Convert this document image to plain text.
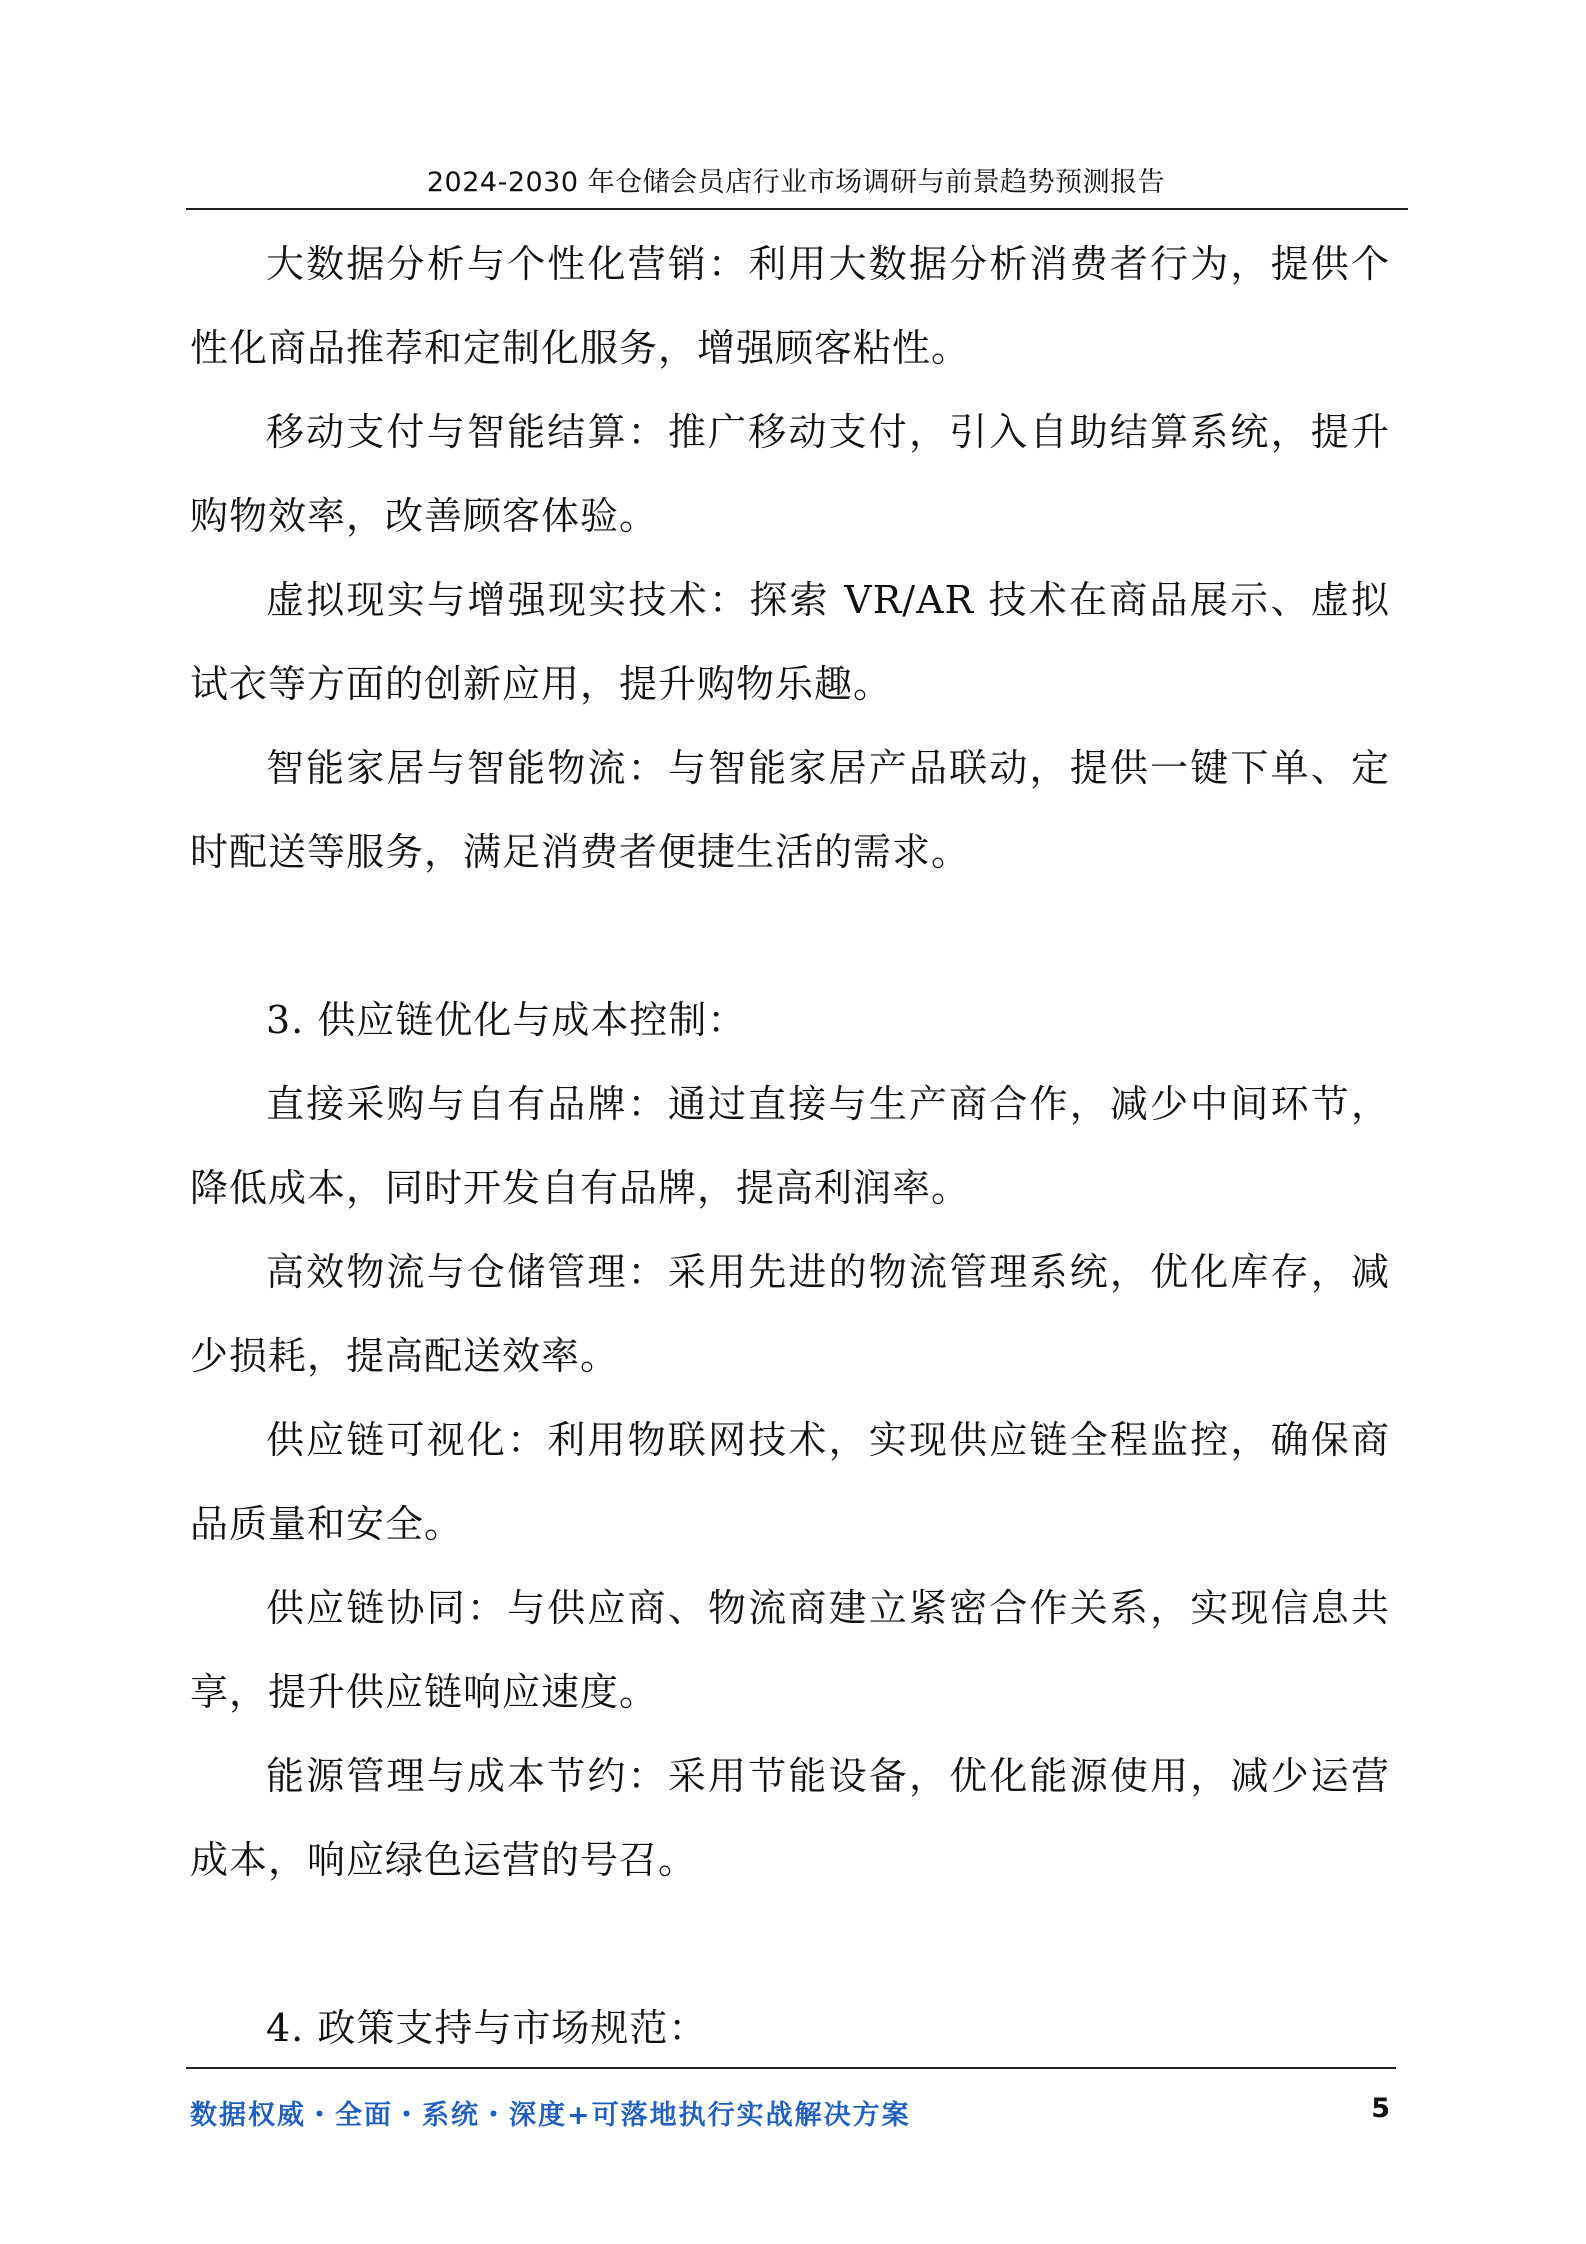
2024-2030 年仓储会员店行业市场调研与前景趋势预测报告

大数据分析与个性化营销：利用大数据分析消费者行为，提供个性化商品推荐和定制化服务，增强顾客粘性。

移动支付与智能结算：推广移动支付，引入自助结算系统，提升购物效率，改善顾客体验。

虚拟现实与增强现实技术：探索 VR/AR 技术在商品展示、虚拟试衣等方面的创新应用，提升购物乐趣。

智能家居与智能物流：与智能家居产品联动，提供一键下单、定时配送等服务，满足消费者便捷生活的需求。

3. 供应链优化与成本控制：

直接采购与自有品牌：通过直接与生产商合作，减少中间环节，降低成本，同时开发自有品牌，提高利润率。

高效物流与仓储管理：采用先进的物流管理系统，优化库存，减少损耗，提高配送效率。

供应链可视化：利用物联网技术，实现供应链全程监控，确保商品质量和安全。

供应链协同：与供应商、物流商建立紧密合作关系，实现信息共享，提升供应链响应速度。

能源管理与成本节约：采用节能设备，优化能源使用，减少运营成本，响应绿色运营的号召。

4. 政策支持与市场规范：

数据权威・全面・系统・深度+可落地执行实战解决方案	5
